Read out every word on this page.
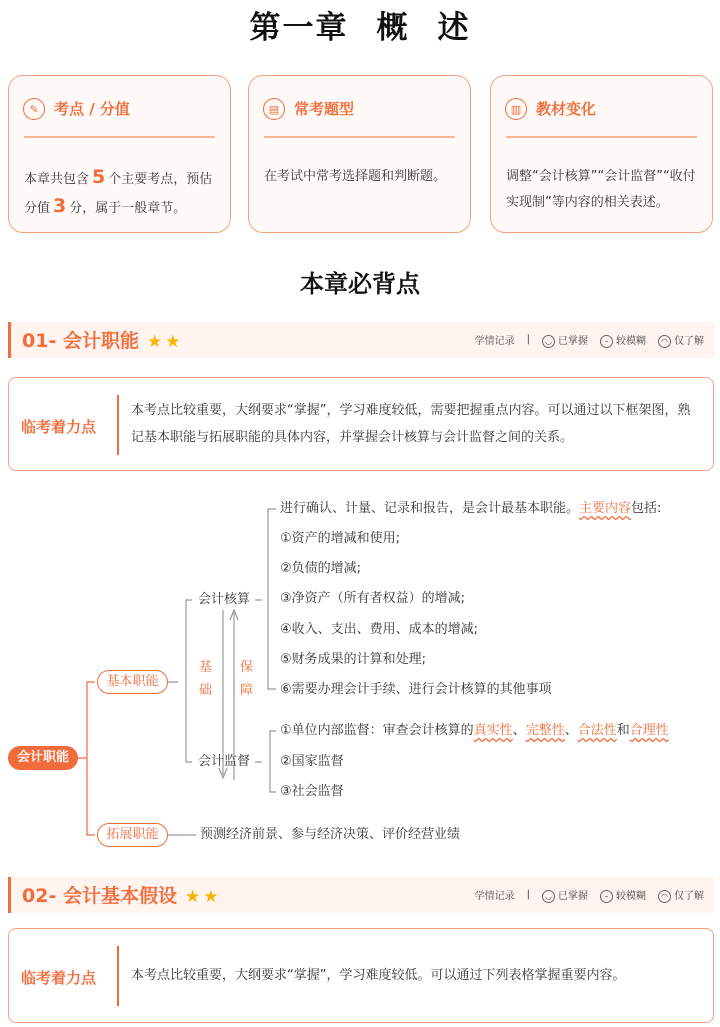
第一章 概 述
✎	考点 / 分值
本章共包含 5 个主要考点，预估分值 3 分，属于一般章节。
▤ 常考题型
在考试中常考选择题和判断题。
▥ 教材变化
调整“会计核算”“会计监督”“收付实现制”等内容的相关表述。
本章必背点
01- 会计职能 ★★	学情记录 |	◡ 已掌握	– 较模糊	◠ 仅了解
临考着力点
本考点比较重要，大纲要求“掌握”，学习难度较低，需要把握重点内容。可以通过以下框架图，熟记基本职能与拓展职能的具体内容，并掌握会计核算与会计监督之间的关系。
会计职能
基本职能
拓展职能	预测经济前景、参与经济决策、评价经营业绩
会计核算
会计监督
基
础
保
障
进行确认、计量、记录和报告，是会计最基本职能。主要内容包括:
①资产的增减和使用;
②负债的增减;
③净资产（所有者权益）的增减;
④收入、支出、费用、成本的增减;
⑤财务成果的计算和处理;
⑥需要办理会计手续、进行会计核算的其他事项
①单位内部监督：审查会计核算的真实性、完整性、合法性和合理性
②国家监督
③社会监督
02- 会计基本假设 ★★	学情记录 |	◡ 已掌握	– 较模糊	◠ 仅了解
临考着力点	本考点比较重要，大纲要求“掌握”，学习难度较低。可以通过下列表格掌握重要内容。
